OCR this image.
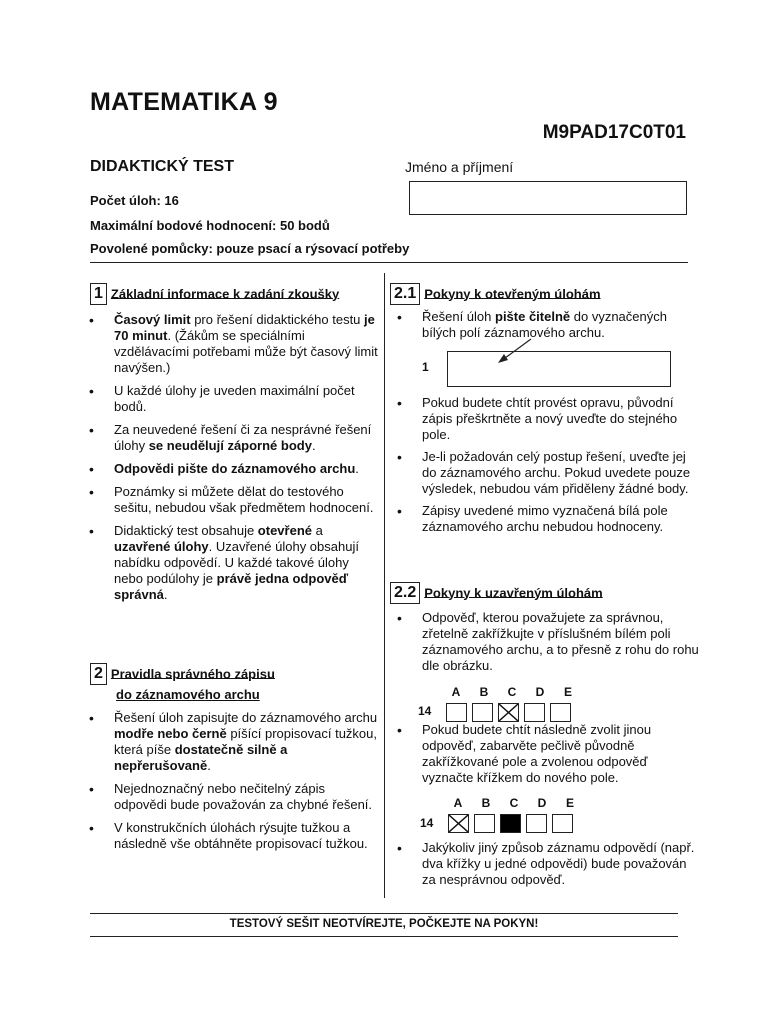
MATEMATIKA 9
M9PAD17C0T01
DIDAKTICKÝ TEST	Jméno a příjmení
Počet úloh: 16
Maximální bodové hodnocení: 50 bodů
Povolené pomůcky: pouze psací a rýsovací potřeby
1 Základní informace k zadání zkoušky
• Časový limit pro řešení didaktického testu je 70 minut. (Žákům se speciálními vzdělávacími potřebami může být časový limit navýšen.)
• U každé úlohy je uveden maximální počet bodů.
• Za neuvedené řešení či za nesprávné řešení úlohy se neudělují záporné body.
• Odpovědi pište do záznamového archu.
• Poznámky si můžete dělat do testového sešitu, nebudou však předmětem hodnocení.
• Didaktický test obsahuje otevřené a uzavřené úlohy. Uzavřené úlohy obsahují nabídku odpovědí. U každé takové úlohy nebo podúlohy je právě jedna odpověď správná.
2 Pravidla správného zápisu
do záznamového archu
• Řešení úloh zapisujte do záznamového archu modře nebo černě píšící propisovací tužkou, která píše dostatečně silně a nepřerušovaně.
• Nejednoznačný nebo nečitelný zápis odpovědi bude považován za chybné řešení.
• V konstrukčních úlohách rýsujte tužkou a následně vše obtáhněte propisovací tužkou.
2.1 Pokyny k otevřeným úlohám
• Řešení úloh pište čitelně do vyznačených bílých polí záznamového archu.
1
• Pokud budete chtít provést opravu, původní zápis přeškrtněte a nový uveďte do stejného pole.
• Je-li požadován celý postup řešení, uveďte jej do záznamového archu. Pokud uvedete pouze výsledek, nebudou vám přiděleny žádné body.
• Zápisy uvedené mimo vyznačená bílá pole záznamového archu nebudou hodnoceny.
2.2 Pokyny k uzavřeným úlohám
• Odpověď, kterou považujete za správnou, zřetelně zakřížkujte v příslušném bílém poli záznamového archu, a to přesně z rohu do rohu dle obrázku.
A B C D E
14
• Pokud budete chtít následně zvolit jinou odpověď, zabarvěte pečlivě původně zakřížkované pole a zvolenou odpověď vyznačte křížkem do nového pole.
A B C D E
14
• Jakýkoliv jiný způsob záznamu odpovědí (např. dva křížky u jedné odpovědi) bude považován za nesprávnou odpověď.
TESTOVÝ SEŠIT NEOTVÍREJTE, POČKEJTE NA POKYN!
